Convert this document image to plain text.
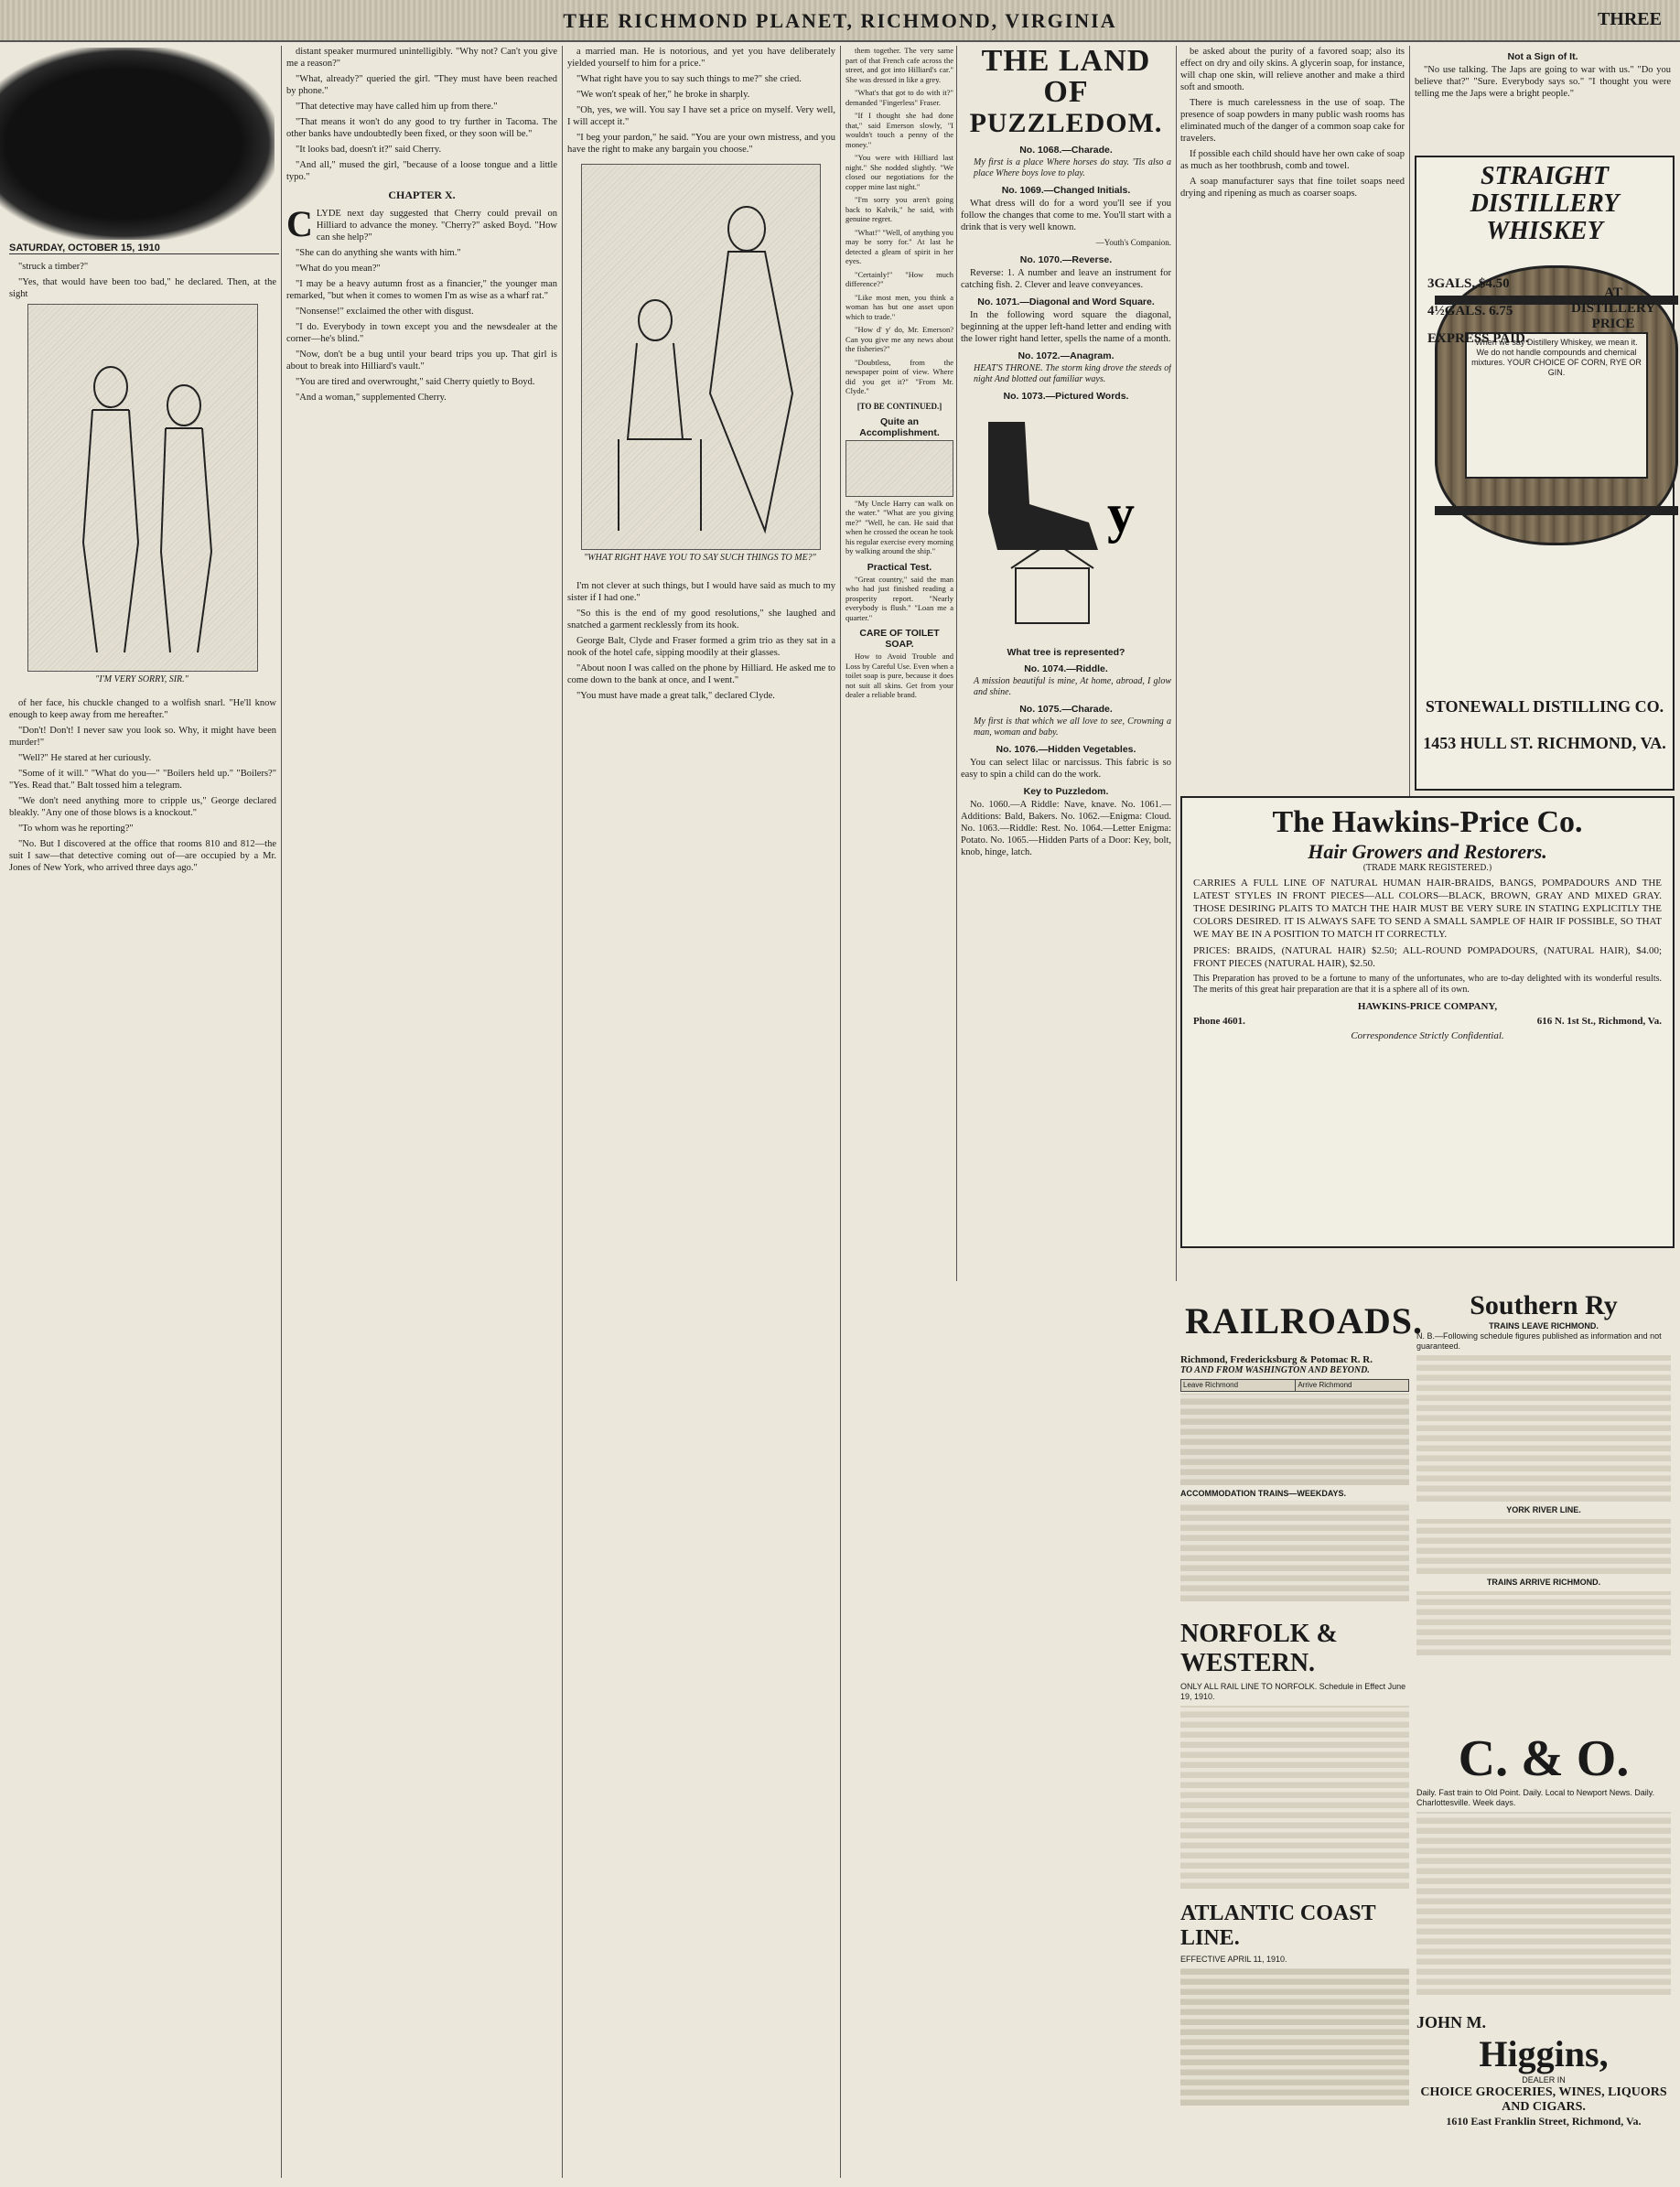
THE RICHMOND PLANET, RICHMOND, VIRGINIA	THREE
SATURDAY, OCTOBER 15, 1910

"struck a timber?"

"Yes, that would have been too bad," he declared. Then, at the sight

"I'M VERY SORRY, SIR."

of her face, his chuckle changed to a wolfish snarl. "He'll know enough to keep away from me hereafter."

"Don't! Don't! I never saw you look so. Why, it might have been murder!"

"Well?" He stared at her curiously.

"Some of it will." "What do you—" "Boilers held up." "Boilers?" "Yes. Read that." Balt tossed him a telegram.

"We don't need anything more to cripple us," George declared bleakly. "Any one of those blows is a knockout."

"To whom was he reporting?"

"No. But I discovered at the office that rooms 810 and 812—the suit I saw—that detective coming out of—are occupied by a Mr. Jones of New York, who arrived three days ago."

distant speaker murmured unintelligibly. "Why not? Can't you give me a reason?"

"What, already?" queried the girl. "They must have been reached by phone."

"That detective may have called him up from there."

"That means it won't do any good to try further in Tacoma. The other banks have undoubtedly been fixed, or they soon will be."

"It looks bad, doesn't it?" said Cherry.

"And all," mused the girl, "because of a loose tongue and a little typo."

CHAPTER X.

CLYDE next day suggested that Cherry could prevail on Hilliard to advance the money. "Cherry?" asked Boyd. "How can she help?"

"She can do anything she wants with him."

"What do you mean?"

"I may be a heavy autumn frost as a financier," the younger man remarked, "but when it comes to women I'm as wise as a wharf rat."

"Nonsense!" exclaimed the other with disgust.

"I do. Everybody in town except you and the newsdealer at the corner—he's blind."

"Now, don't be a bug until your beard trips you up. That girl is about to break into Hilliard's vault."

"You are tired and overwrought," said Cherry quietly to Boyd.

"And a woman," supplemented Cherry.

a married man. He is notorious, and yet you have deliberately yielded yourself to him for a price."

"What right have you to say such things to me?" she cried.

"We won't speak of her," he broke in sharply.

"Oh, yes, we will. You say I have set a price on myself. Very well, I will accept it."

"I beg your pardon," he said. "You are your own mistress, and you have the right to make any bargain you choose."

"WHAT RIGHT HAVE YOU TO SAY SUCH THINGS TO ME?"

I'm not clever at such things, but I would have said as much to my sister if I had one."

"So this is the end of my good resolutions," she laughed and snatched a garment recklessly from its hook.

George Balt, Clyde and Fraser formed a grim trio as they sat in a nook of the hotel cafe, sipping moodily at their glasses.

"About noon I was called on the phone by Hilliard. He asked me to come down to the bank at once, and I went."

"You must have made a great talk," declared Clyde.

them together. The very same part of that French cafe across the street, and got into Hilliard's car." She was dressed in like a grey.

"What's that got to do with it?" demanded "Fingerless" Fraser.

"If I thought she had done that," said Emerson slowly, "I wouldn't touch a penny of the money."

"You were with Hilliard last night." She nodded slightly. "We closed our negotiations for the copper mine last night."

"I'm sorry you aren't going back to Kalvik," he said, with genuine regret.

"What!" "Well, of anything you may be sorry for." At last he detected a gleam of spirit in her eyes.

"Certainly!" "How much difference?"

"Like most men, you think a woman has but one asset upon which to trade."

"How d' y' do, Mr. Emerson? Can you give me any news about the fisheries?"

"Doubtless, from the newspaper point of view. Where did you get it?" "From Mr. Clyde."

[TO BE CONTINUED.]
Quite an Accomplishment.

"My Uncle Harry can walk on the water." "What are you giving me?" "Well, he can. He said that when he crossed the ocean he took his regular exercise every morning by walking around the ship."

Practical Test.

"Great country," said the man who had just finished reading a prosperity report. "Nearly everybody is flush." "Loan me a quarter."

CARE OF TOILET SOAP.

How to Avoid Trouble and Loss by Careful Use. Even when a toilet soap is pure, because it does not suit all skins. Get from your dealer a reliable brand.

THE LAND OF
PUZZLEDOM.
No. 1068.—Charade.
My first is a place Where horses do stay. 'Tis also a place Where boys love to play.
No. 1069.—Changed Initials.

What dress will do for a word you'll see if you follow the changes that come to me. You'll start with a drink that is very well known.

—Youth's Companion.
No. 1070.—Reverse.

Reverse: 1. A number and leave an instrument for catching fish. 2. Clever and leave conveyances.

No. 1071.—Diagonal and Word Square.

In the following word square the diagonal, beginning at the upper left-hand letter and ending with the lower right hand letter, spells the name of a month.

No. 1072.—Anagram.
HEAT'S THRONE. The storm king drove the steeds of night And blotted out familiar ways.
No. 1073.—Pictured Words.
y
What tree is represented?
No. 1074.—Riddle.
A mission beautiful is mine, At home, abroad, I glow and shine.
No. 1075.—Charade.
My first is that which we all love to see, Crowning a man, woman and baby.
No. 1076.—Hidden Vegetables.

You can select lilac or narcissus. This fabric is so easy to spin a child can do the work.

Key to Puzzledom.

No. 1060.—A Riddle: Nave, knave. No. 1061.—Additions: Bald, Bakers. No. 1062.—Enigma: Cloud. No. 1063.—Riddle: Rest. No. 1064.—Letter Enigma: Potato. No. 1065.—Hidden Parts of a Door: Key, bolt, knob, hinge, latch.

be asked about the purity of a favored soap; also its effect on dry and oily skins. A glycerin soap, for instance, will chap one skin, will relieve another and make a third soft and smooth.

There is much carelessness in the use of soap. The presence of soap powders in many public wash rooms has eliminated much of the danger of a common soap cake for travelers.

If possible each child should have her own cake of soap as much as her toothbrush, comb and towel.

A soap manufacturer says that fine toilet soaps need drying and ripening as much as coarser soaps.

Not a Sign of It.

"No use talking. The Japs are going to war with us." "Do you believe that?" "Sure. Everybody says so." "I thought you were telling me the Japs were a bright people."

STRAIGHT
DISTILLERY
WHISKEY
When we say Distillery Whiskey, we mean it. We do not handle compounds and chemical mixtures. YOUR CHOICE OF CORN, RYE OR GIN.
3GALS. $4.50
4½GALS. 6.75
EXPRESS PAID.
AT DISTILLERY PRICE
STONEWALL DISTILLING CO.
1453 HULL ST. RICHMOND, VA.
The Hawkins-Price Co.
Hair Growers and Restorers.
(TRADE MARK REGISTERED.)

CARRIES A FULL LINE OF NATURAL HUMAN HAIR-BRAIDS, BANGS, POMPADOURS AND THE LATEST STYLES IN FRONT PIECES—ALL COLORS—BLACK, BROWN, GRAY AND MIXED GRAY. THOSE DESIRING PLAITS TO MATCH THE HAIR MUST BE VERY SURE IN STATING EXPLICITLY THE COLORS DESIRED. IT IS ALWAYS SAFE TO SEND A SMALL SAMPLE OF HAIR IF POSSIBLE, SO THAT WE MAY BE IN A POSITION TO MATCH IT CORRECTLY.

PRICES: BRAIDS, (NATURAL HAIR) $2.50; ALL-ROUND POMPADOURS, (NATURAL HAIR), $4.00; FRONT PIECES (NATURAL HAIR), $2.50.

This Preparation has proved to be a fortune to many of the unfortunates, who are to-day delighted with its wonderful results. The merits of this great hair preparation are that it is a sphere all of its own.

HAWKINS-PRICE COMPANY,
Phone 4601.	616 N. 1st St., Richmond, Va.
Correspondence Strictly Confidential.
RAILROADS.
Richmond, Fredericksburg & Potomac R. R.
TO AND FROM WASHINGTON AND BEYOND.
Leave Richmond	Arrive Richmond
ACCOMMODATION TRAINS—WEEKDAYS.
NORFOLK & WESTERN.
ONLY ALL RAIL LINE TO NORFOLK. Schedule in Effect June 19, 1910.
ATLANTIC COAST LINE.
EFFECTIVE APRIL 11, 1910.
Southern Ry
TRAINS LEAVE RICHMOND.
N. B.—Following schedule figures published as information and not guaranteed.
YORK RIVER LINE.
TRAINS ARRIVE RICHMOND.
C. & O.
Daily. Fast train to Old Point. Daily. Local to Newport News. Daily. Charlottesville. Week days.
JOHN M.
Higgins,
DEALER IN
CHOICE GROCERIES, WINES, LIQUORS AND CIGARS.
1610 East Franklin Street, Richmond, Va.
